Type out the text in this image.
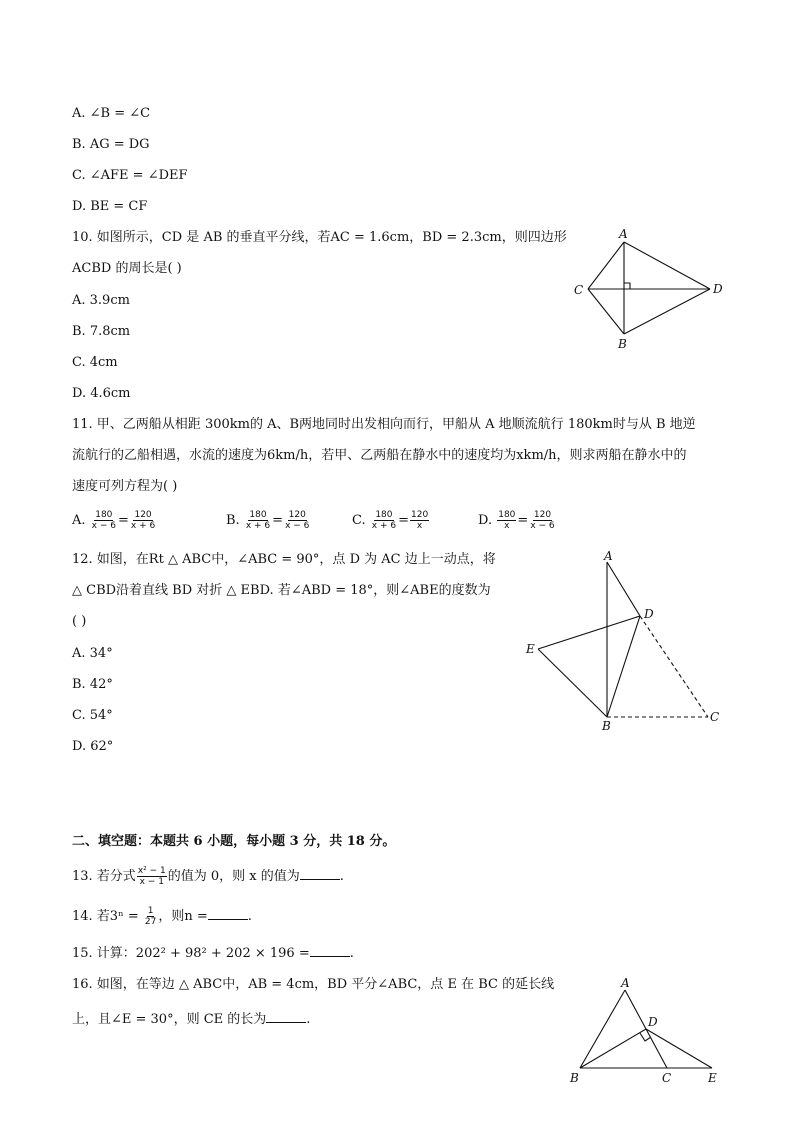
A. ∠B = ∠C
B. AG = DG
C. ∠AFE = ∠DEF
D. BE = CF
10. 如图所示，CD 是 AB 的垂直平分线，若AC = 1.6cm，BD = 2.3cm，则四边形
ACBD 的周长是( )
A. 3.9cm
B. 7.8cm
C. 4cm
D. 4.6cm
A
C
B
D
11. 甲、乙两船从相距 300km的 A、B两地同时出发相向而行，甲船从 A 地顺流航行 180km时与从 B 地逆
流航行的乙船相遇，水流的速度为6km/h，若甲、乙两船在静水中的速度均为xkm/h，则求两船在静水中的
速度可列方程为( )
A. $\frac{180}{x - 6} = \frac{120}{x + 6}$	B. $\frac{180}{x + 6} = \frac{120}{x - 6}$	C. $\frac{180}{x + 6} = \frac{120}{x}$	D. $\frac{180}{x} = \frac{120}{x - 6}$
12. 如图，在Rt △ ABC中，∠ABC = 90°，点 D 为 AC 边上一动点，将
△ CBD沿着直线 BD 对折 △ EBD. 若∠ABD = 18°，则∠ABE的度数为
( )
A. 34°
B. 42°
C. 54°
D. 62°
A
D
E
B
C
二、填空题：本题共 6 小题，每小题 3 分，共 18 分。
13. 若分式 $\frac{\text{x² − 1}}{x - 1}$ 的值为 0，则 x 的值为	.
14. 若$3^n = \frac{1}{27}$ ，则n =	.
15. 计算：202² + 98² + 202 × 196 =	.
16. 如图，在等边 △ ABC中，AB = 4cm，BD 平分∠ABC，点 E 在 BC 的延长线
上，且∠E = 30°，则 CE 的长为	.
A
D
B	C	E
